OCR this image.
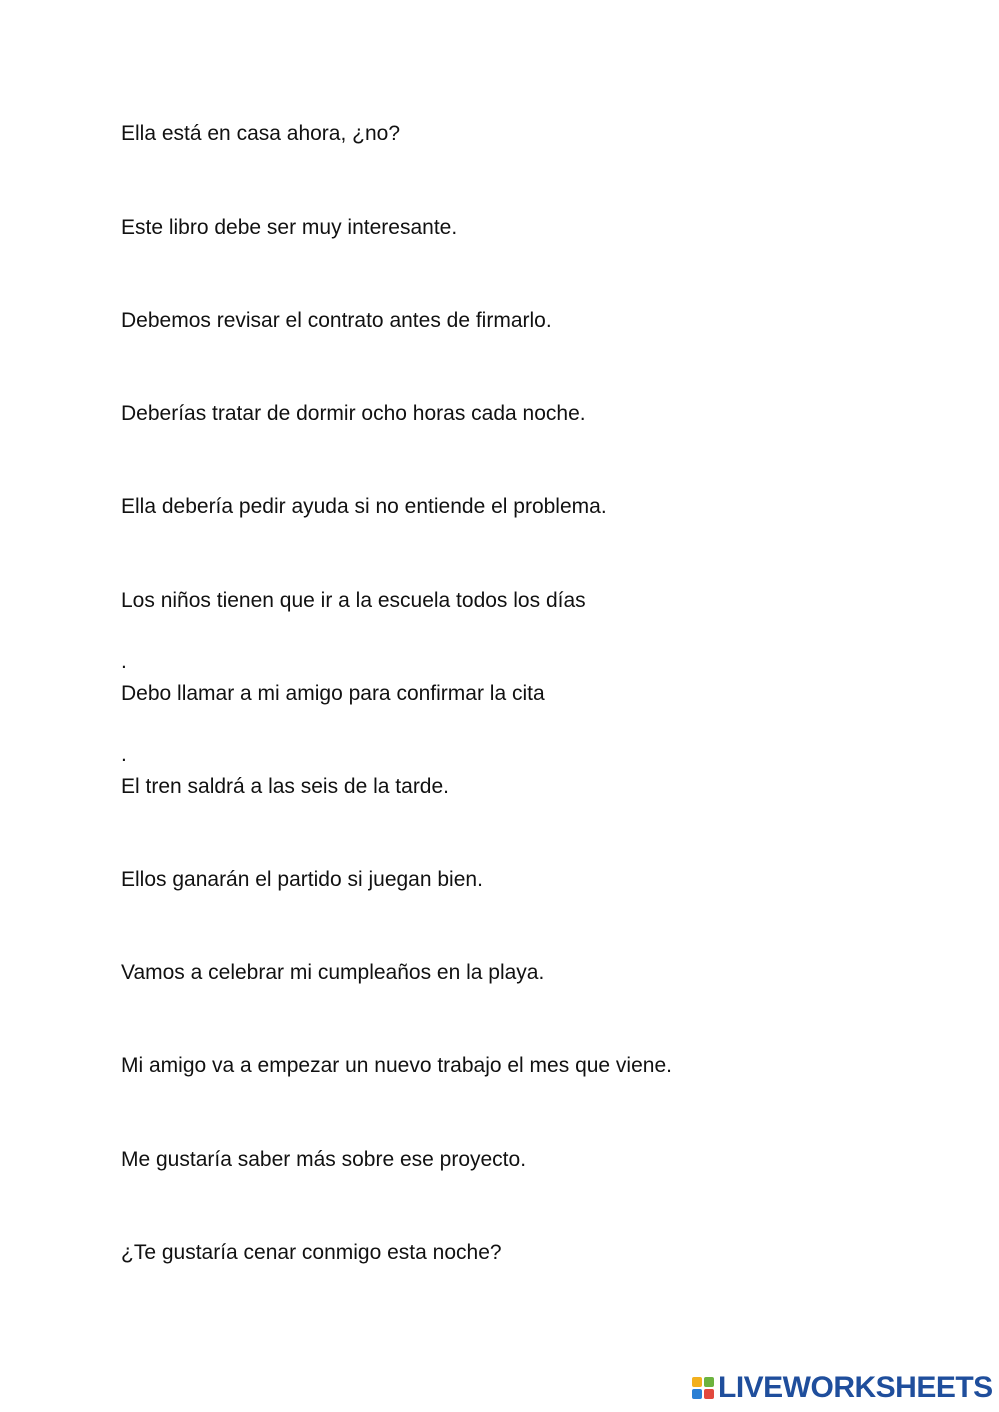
Ella está en casa ahora, ¿no?
Este libro debe ser muy interesante.
Debemos revisar el contrato antes de firmarlo.
Deberías tratar de dormir ocho horas cada noche.
Ella debería pedir ayuda si no entiende el problema.
Los niños tienen que ir a la escuela todos los días
.
Debo llamar a mi amigo para confirmar la cita
.
El tren saldrá a las seis de la tarde.
Ellos ganarán el partido si juegan bien.
Vamos a celebrar mi cumpleaños en la playa.
Mi amigo va a empezar un nuevo trabajo el mes que viene.
Me gustaría saber más sobre ese proyecto.
¿Te gustaría cenar conmigo esta noche?
LIVEWORKSHEETS
